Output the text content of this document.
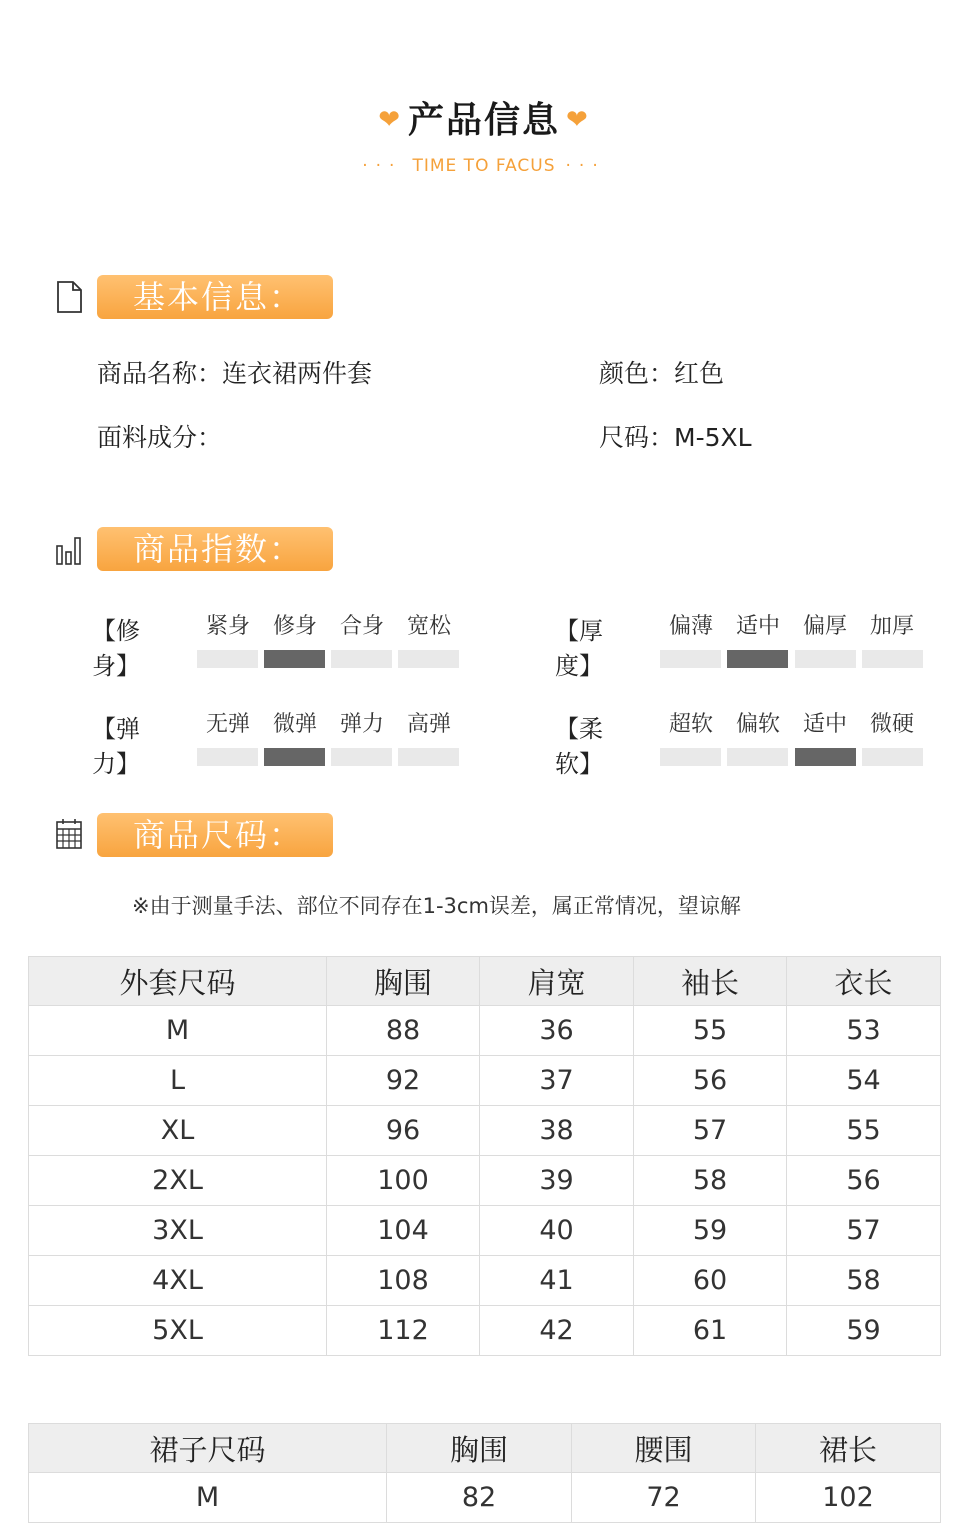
❤ 产品信息 ❤
··· TIME TO FACUS ···
基本信息：
商品名称：连衣裙两件套	颜色：红色
面料成分：	尺码：M-5XL
商品指数：
【修身】
紧身	修身	合身	宽松	【厚度】
偏薄	适中	偏厚	加厚
【弹力】
无弹	微弹	弹力	高弹	【柔软】
超软	偏软	适中	微硬
商品尺码：
※由于测量手法、部位不同存在1-3cm误差，属正常情况，望谅解
外套尺码	胸围	肩宽	袖长	衣长
M	88	36	55	53
L	92	37	56	54
XL	96	38	57	55
2XL	100	39	58	56
3XL	104	40	59	57
4XL	108	41	60	58
5XL	112	42	61	59
裙子尺码	胸围	腰围	裙长
M	82	72	102
